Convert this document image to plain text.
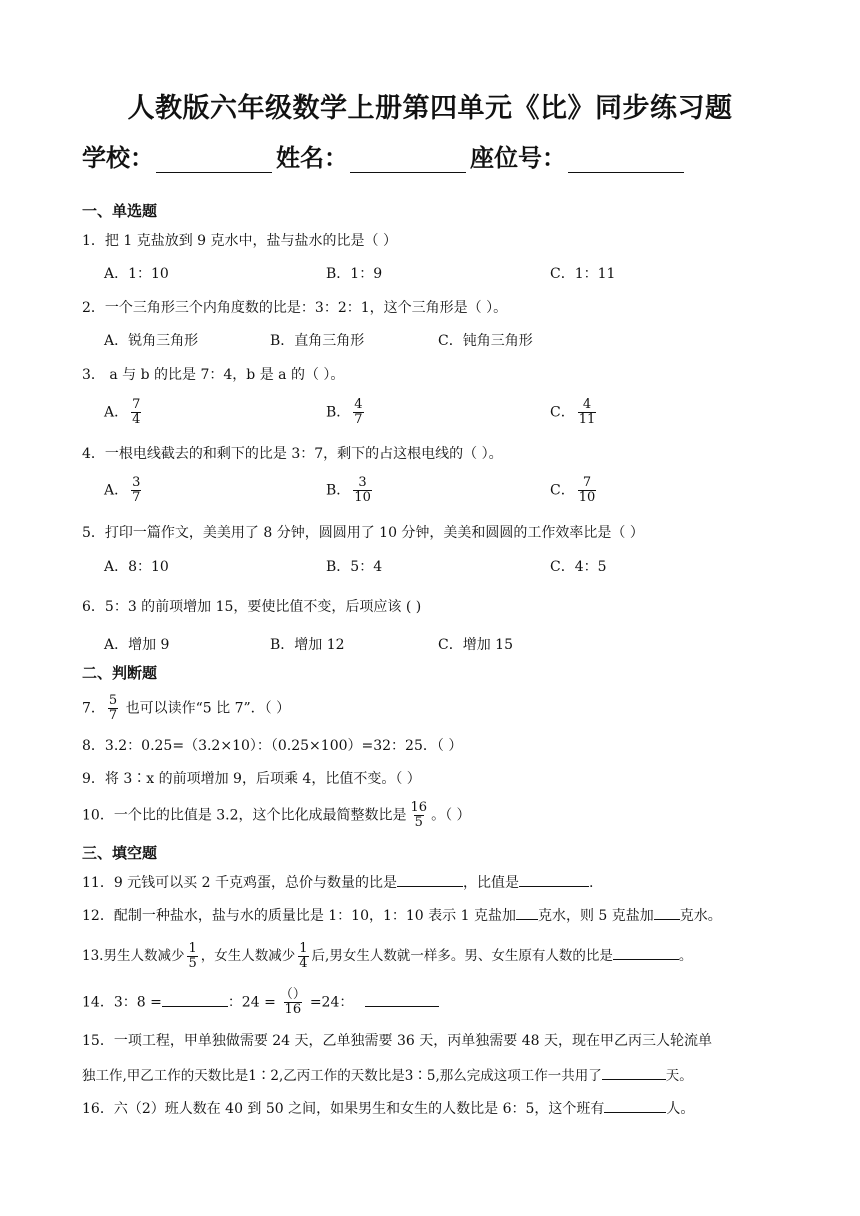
人教版六年级数学上册第四单元《比》同步练习题
学校：	姓名：	座位号：
一、单选题
1．把 1 克盐放到 9 克水中，盐与盐水的比是（ ）
A．1：10	B．1：9	C．1：11
2．一个三角形三个内角度数的比是：3：2：1，这个三角形是（ ）。
A．锐角三角形	B．直角三角形	C．钝角三角形
3． a 与 b 的比是 7：4，b 是 a 的（ ）。
A． $\frac{7}{4}$	B． $\frac{4}{7}$	C． $\frac{4}{11}$
4．一根电线截去的和剩下的比是 3：7，剩下的占这根电线的（ ）。
A． $\frac{3}{7}$	B． $\frac{3}{10}$	C． $\frac{7}{10}$
5．打印一篇作文，美美用了 8 分钟，圆圆用了 10 分钟，美美和圆圆的工作效率比是（ ）
A．8：10	B．5：4	C．4：5
6．5：3 的前项增加 15，要使比值不变，后项应该 ( )
A．增加 9	B．增加 12	C．增加 15
二、判断题
7． $\frac{5}{7}$ 也可以读作“5 比 7”．（ ）
8．3.2：0.25=（3.2×10）：（0.25×100）=32：25．（ ）
9．将 3∶x 的前项增加 9，后项乘 4，比值不变。（ ）
10．一个比的比值是 3.2，这个比化成最简整数比是 $\frac{16}{5}$ 。（ ）
三、填空题
11．9 元钱可以买 2 千克鸡蛋，总价与数量的比是	，比值是	.
12．配制一种盐水，盐与水的质量比是 1：10，1：10 表示 1 克盐加 克水，则 5 克盐加 克水。
13.男生人数减少 $\frac{1}{5}$ ，女生人数减少 $\frac{1}{4}$ 后,男女生人数就一样多。男、女生原有人数的比是	。
14．3：8 =	：$24 = \frac{()}{16} =24$：
15．一项工程，甲单独做需要 24 天，乙单独需要 36 天，丙单独需要 48 天，现在甲乙丙三人轮流单
独工作,甲乙工作的天数比是1∶2,乙丙工作的天数比是3∶5,那么完成这项工作一共用了	天。
16．六（2）班人数在 40 到 50 之间，如果男生和女生的人数比是 6：5，这个班有	人。
